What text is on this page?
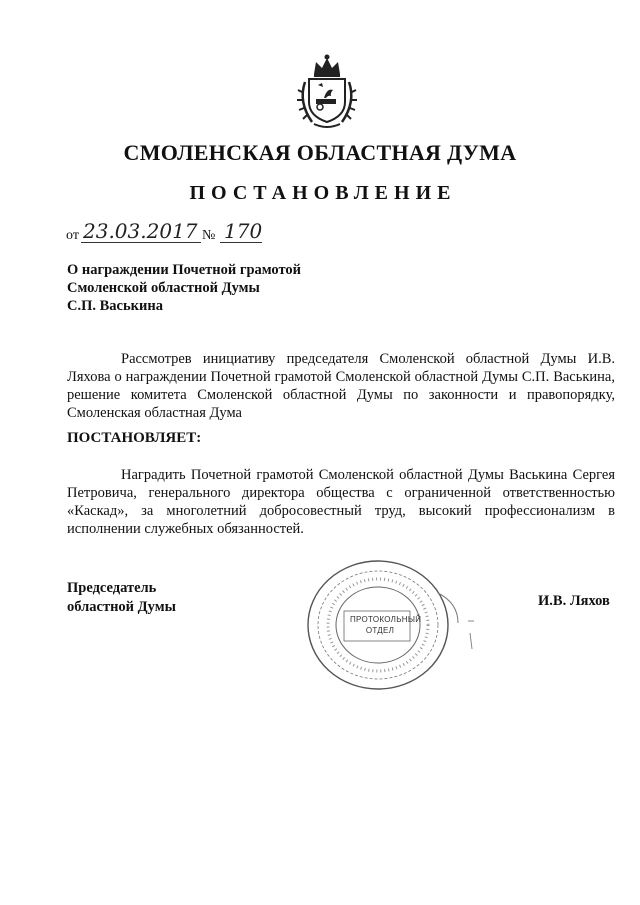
СМОЛЕНСКАЯ ОБЛАСТНАЯ ДУМА
ПОСТАНОВЛЕНИЕ
от 23.03.2017 № 170
О награждении Почетной грамотой
Смоленской областной Думы
С.П. Васькина
Рассмотрев инициативу председателя Смоленской областной Думы И.В. Ляхова о награждении Почетной грамотой Смоленской областной Думы С.П. Васькина, решение комитета Смоленской областной Думы по законности и правопорядку, Смоленская областная Дума
ПОСТАНОВЛЯЕТ:
Наградить Почетной грамотой Смоленской областной Думы Васькина Сергея Петровича, генерального директора общества с ограниченной ответственностью «Каскад», за многолетний добросовестный труд, высокий профессионализм в исполнении служебных обязанностей.
Председатель
областной Думы	И.В. Ляхов
ПРОТОКОЛЬНЫЙ
ОТДЕЛ
